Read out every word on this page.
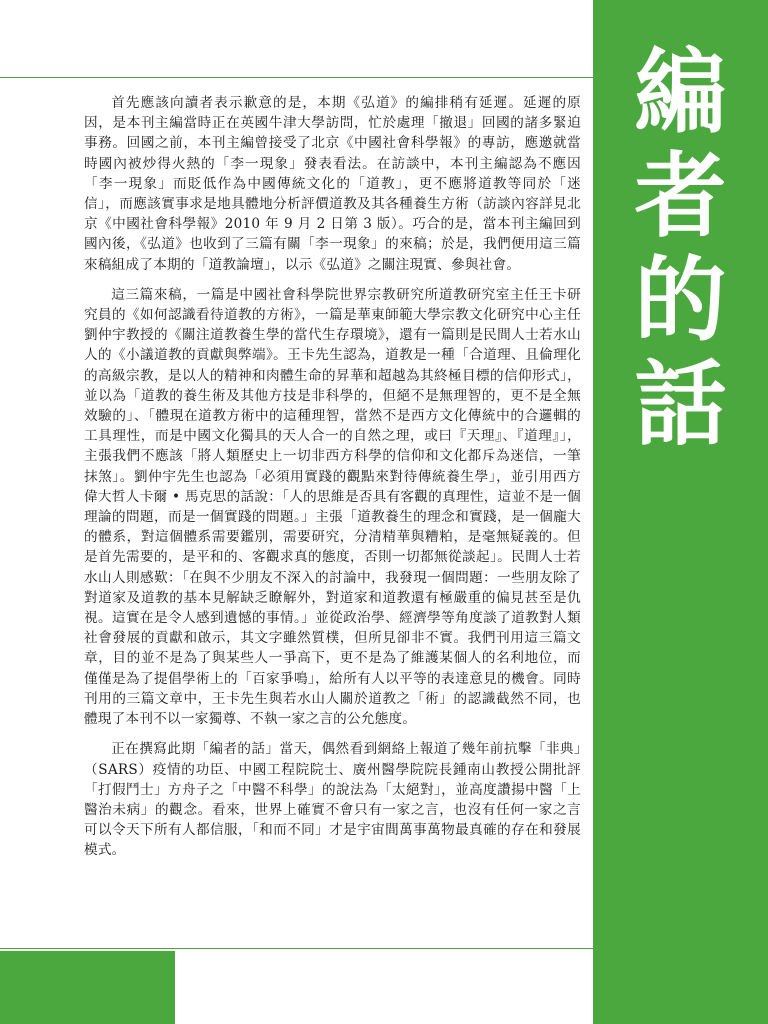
編
者
的
話

首先應該向讀者表示歉意的是，本期《弘道》的編排稍有延遲。延遲的原因，是本刊主編當時正在英國牛津大學訪問，忙於處理「撤退」回國的諸多緊迫事務。回國之前，本刊主編曾接受了北京《中國社會科學報》的專訪，應邀就當時國內被炒得火熱的「李一現象」發表看法。在訪談中，本刊主編認為不應因「李一現象」而貶低作為中國傳統文化的「道教」，更不應將道教等同於「迷信」，而應該實事求是地具體地分析評價道教及其各種養生方術（訪談內容詳見北京《中國社會科學報》2010 年 9 月 2 日第 3 版）。巧合的是，當本刊主編回到國內後，《弘道》也收到了三篇有關「李一現象」的來稿；於是，我們便用這三篇來稿組成了本期的「道教論壇」，以示《弘道》之關注現實、參與社會。

這三篇來稿，一篇是中國社會科學院世界宗教研究所道教研究室主任王卡研究員的《如何認識看待道教的方術》，一篇是華東師範大學宗教文化研究中心主任劉仲宇教授的《關注道教養生學的當代生存環境》，還有一篇則是民間人士若水山人的《小議道教的貢獻與弊端》。王卡先生認為，道教是一種「合道理、且倫理化的高級宗教，是以人的精神和肉體生命的昇華和超越為其終極目標的信仰形式」，並以為「道教的養生術及其他方技是非科學的，但絕不是無理智的，更不是全無效驗的」、「體現在道教方術中的這種理智，當然不是西方文化傳統中的合邏輯的工具理性，而是中國文化獨具的天人合一的自然之理，或曰『天理』、『道理』」，主張我們不應該「將人類歷史上一切非西方科學的信仰和文化都斥為迷信，一筆抹煞」。劉仲宇先生也認為「必須用實踐的觀點來對待傳統養生學」，並引用西方偉大哲人卡爾 • 馬克思的話說：「人的思維是否具有客觀的真理性，這並不是一個理論的問題，而是一個實踐的問題。」主張「道教養生的理念和實踐，是一個龐大的體系，對這個體系需要鑑別，需要研究，分清精華與糟粕，是毫無疑義的。但是首先需要的，是平和的、客觀求真的態度，否則一切都無從談起」。民間人士若水山人則感歎：「在與不少朋友不深入的討論中，我發現一個問題：一些朋友除了對道家及道教的基本見解缺乏瞭解外，對道家和道教還有極嚴重的偏見甚至是仇視。這實在是令人感到遺憾的事情。」並從政治學、經濟學等角度談了道教對人類社會發展的貢獻和啟示，其文字雖然質樸，但所見卻非不實。我們刊用這三篇文章，目的並不是為了與某些人一爭高下，更不是為了維護某個人的名利地位，而僅僅是為了提倡學術上的「百家爭鳴」，給所有人以平等的表達意見的機會。同時刊用的三篇文章中，王卡先生與若水山人關於道教之「術」的認識截然不同，也體現了本刊不以一家獨尊、不執一家之言的公允態度。

正在撰寫此期「編者的話」當天，偶然看到網絡上報道了幾年前抗擊「非典」（SARS）疫情的功臣、中國工程院院士、廣州醫學院院長鍾南山教授公開批評「打假鬥士」方舟子之「中醫不科學」的說法為「太絕對」，並高度讚揚中醫「上醫治未病」的觀念。看來，世界上確實不會只有一家之言，也沒有任何一家之言可以令天下所有人都信服，「和而不同」才是宇宙間萬事萬物最真確的存在和發展模式。
